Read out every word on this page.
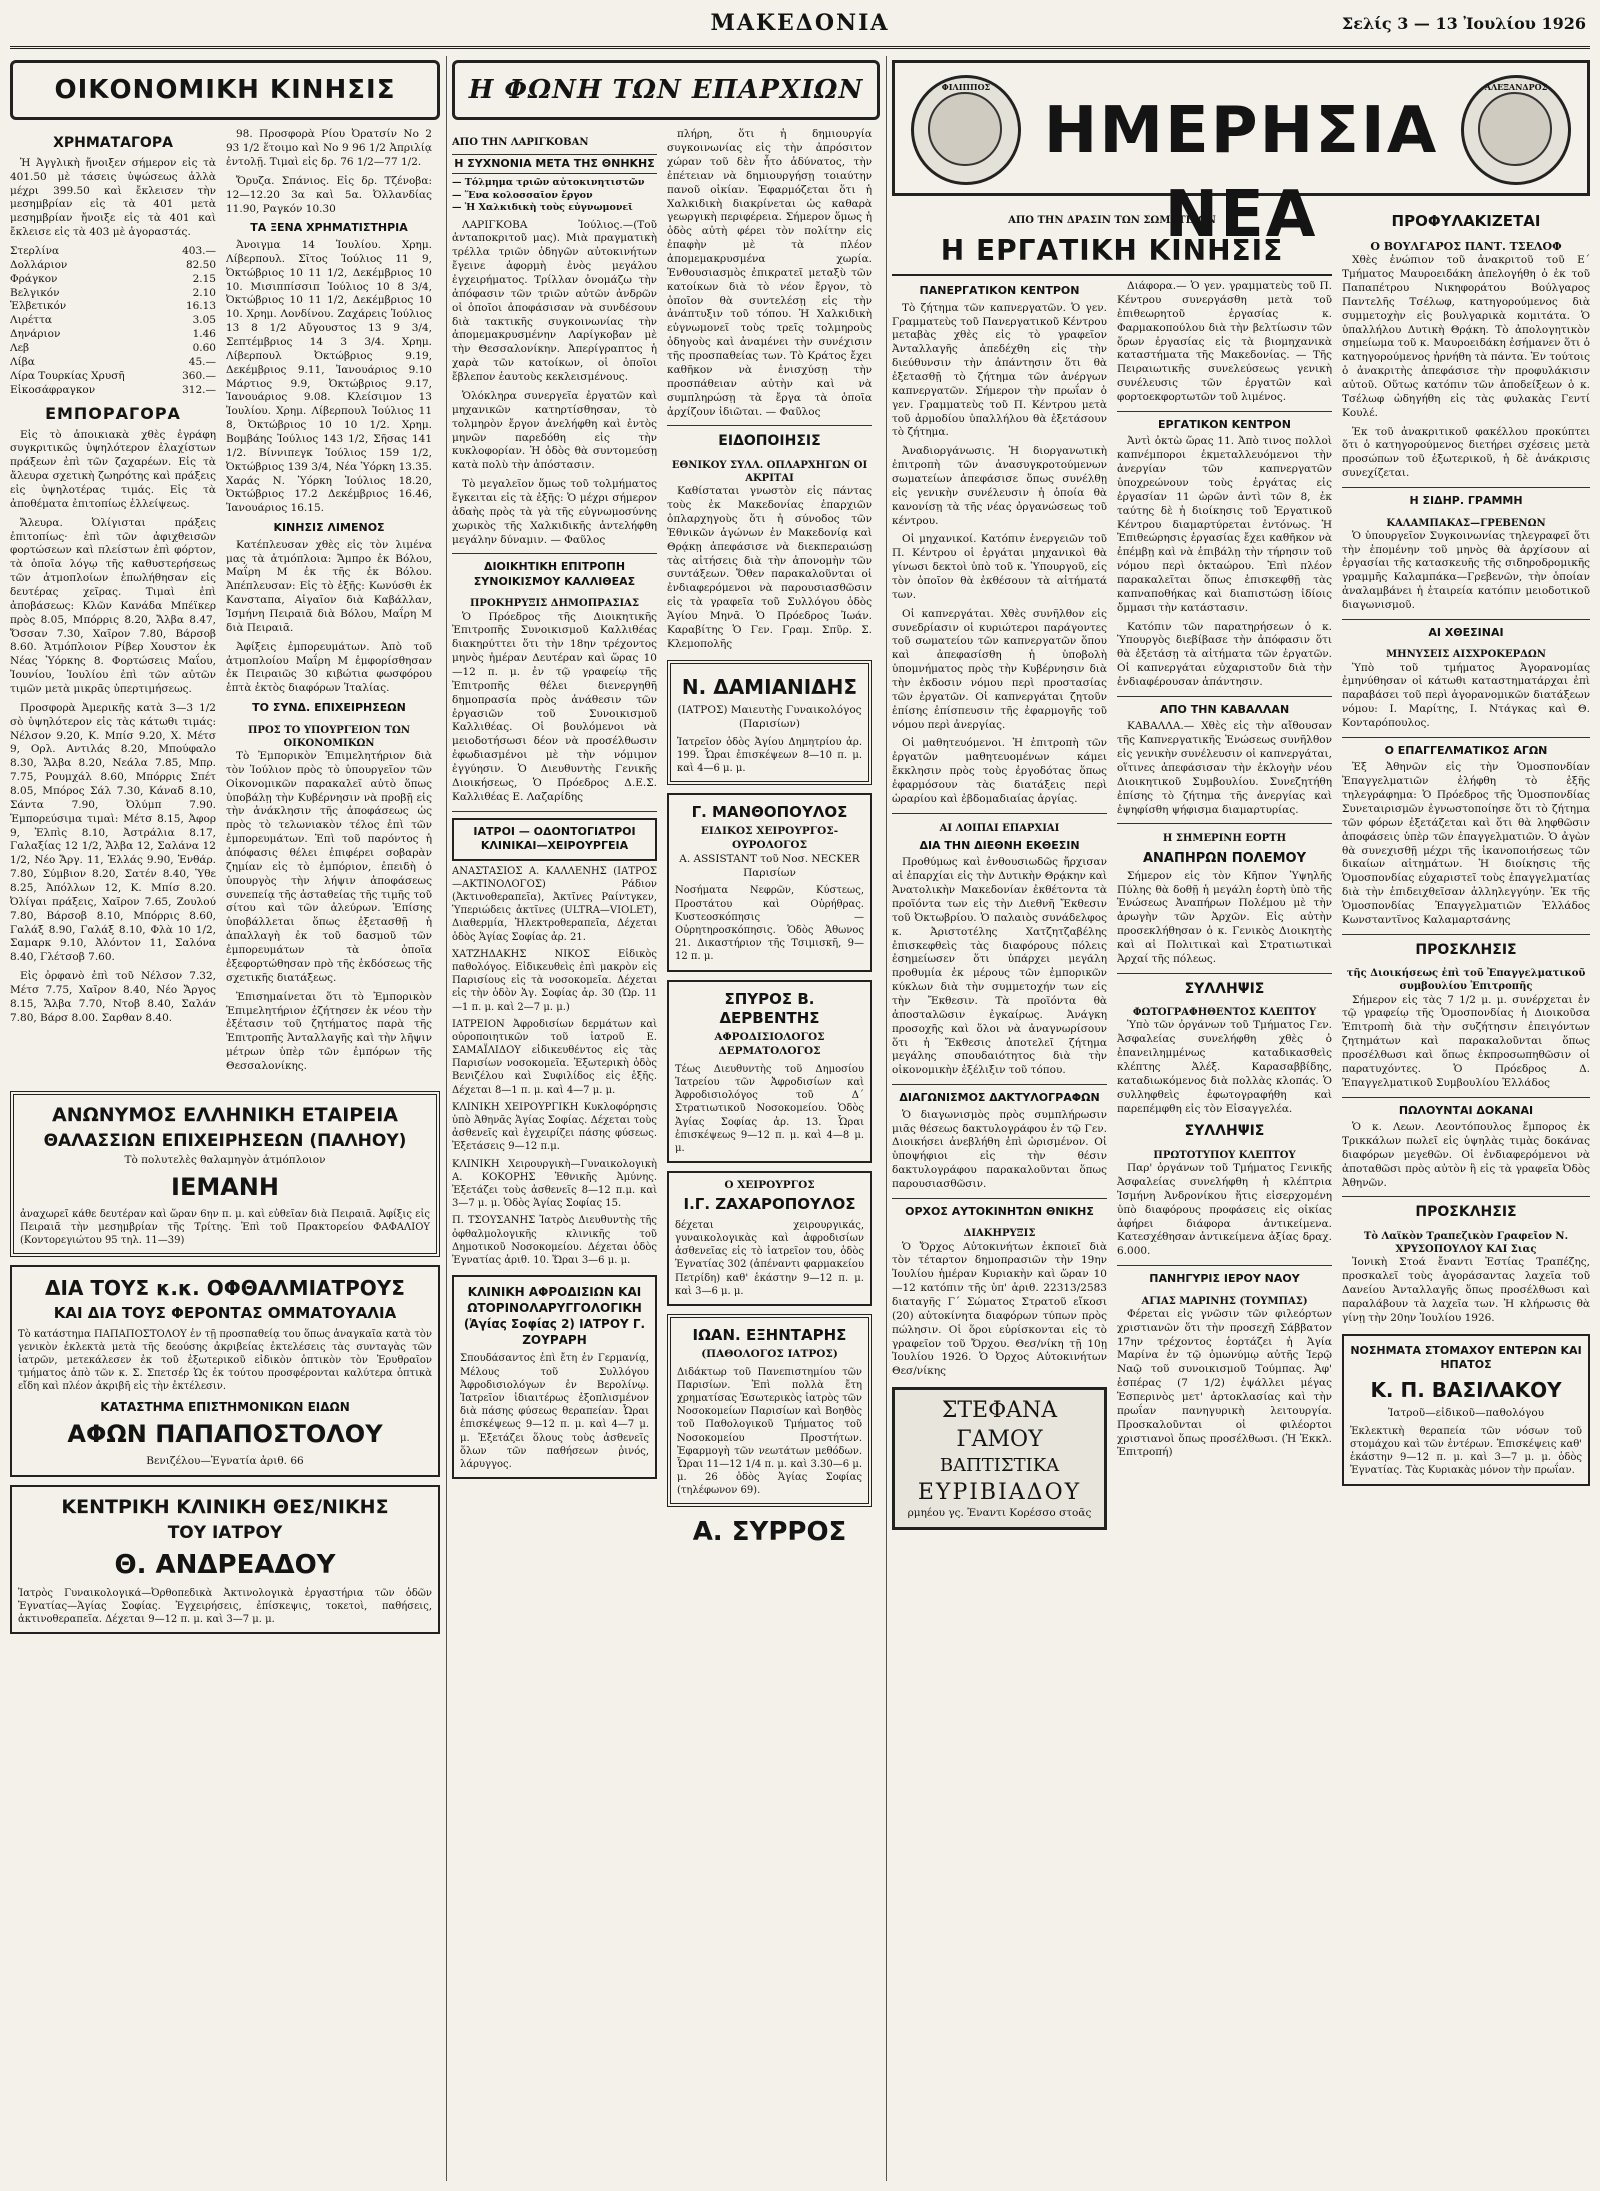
ΜΑΚΕΔΟΝΙΑ	Σελίς 3 — 13 Ἰουλίου 1926
ΟΙΚΟΝΟΜΙΚΗ ΚΙΝΗΣΙΣ
ΧΡΗΜΑΤΑΓΟΡΑ

Ἡ Ἀγγλικὴ ἤνοιξεν σήμερον εἰς τὰ 401.50 μὲ τάσεις ὑψώσεως ἀλλὰ μέχρι 399.50 καὶ ἔκλεισεν τὴν μεσημβρίαν εἰς τὰ 401 μετὰ μεσημβρίαν ἤνοιξε εἰς τὰ 401 καὶ ἔκλεισε εἰς τὰ 403 μὲ ἀγοραστάς.

Στερλίνα	403.—
Δολλάριον	82.50
Φράγκον	2.15
Βελγικόν	2.10
Ἑλβετικόν	16.13
Λιρέττα	3.05
Δηνάριον	1.46
Λεβ	0.60
Λίβα	45.—
Λίρα Τουρκίας Χρυσῆ	360.—
Εἰκοσάφραγκον	312.—
ΕΜΠΟΡΑΓΟΡΑ

Εἰς τὸ ἀποικιακὰ χθὲς ἐγράφη συγκριτικῶς ὑψηλότερον ἐλαχίστων πράξεων ἐπὶ τῶν ζαχαρέων. Εἰς τὰ ἄλευρα σχετικὴ ζωηρότης καὶ πράξεις εἰς ὑψηλοτέρας τιμάς. Εἰς τὰ ἀποθέματα ἐπιτοπίως ἐλλείψεως.

Ἄλευρα. Ὀλίγισται πράξεις ἐπιτοπίως· ἐπὶ τῶν ἀφιχθεισῶν φορτώσεων καὶ πλείστων ἐπὶ φόρτον, τὰ ὁποῖα λόγῳ τῆς καθυστερήσεως τῶν ἀτμοπλοίων ἐπωλήθησαν εἰς δευτέρας χεῖρας. Τιμαὶ ἐπὶ ἀποβάσεως: Κλῶν Κανάδα Μπέϊκερ πρὸς 8.05, Μπόρρις 8.20, Ἄλβα 8.47, Ὄσσαν 7.30, Χαῖρον 7.80, Βάρσοβ 8.60. Ἀτμόπλοιον Ρίβερ Χουστον ἐκ Νέας Ὑόρκης 8. Φορτώσεις Μαΐου, Ἰουνίου, Ἰουλίου ἐπὶ τῶν αὐτῶν τιμῶν μετὰ μικρᾶς ὑπερτιμήσεως.

Προσφορὰ Ἀμερικῆς κατὰ 3—3 1/2 σὸ ὑψηλότερον εἰς τὰς κάτωθι τιμάς: Νέλσον 9.20, Κ. Μπίσ 9.20, Χ. Μέτσ 9, Ορλ. Αντιλάς 8.20, Μπούφαλο 8.30, Ἄλβα 8.20, Νεάλα 7.85, Μπρ. 7.75, Ρουμχάλ 8.60, Μπόρρις Σπέτ 8.05, Μπόρος Σάλ 7.30, Κάναδ 8.10, Σάντα 7.90, Ὀλύμπ 7.90. Ἐμπορεύσιμα τιμαὶ: Μέτσ 8.15, Ἀφορ 9, Ἐλπὶς 8.10, Ἀστράλια 8.17, Γαλαξίας 12 1/2, Ἄλβα 12, Σαλάνα 12 1/2, Νέο Ἄργ. 11, Ἑλλάς 9.90, Ἐνθάρ. 7.80, Σύμβιον 8.20, Σατέν 8.40, Ὑθε 8.25, Ἀπόλλων 12, Κ. Μπίσ 8.20. Ὀλίγαι πράξεις, Χαῖρον 7.65, Ζουλού 7.80, Βάρσοβ 8.10, Μπόρρις 8.60, Γαλάξ 8.90, Γαλάξ 8.10, Φλὰ 10 1/2, Σαμαρκ 9.10, Ἀλόντον 11, Σαλόνα 8.40, Γλέτσοβ 7.60.

Εἰς ὀρφανὸ ἐπὶ τοῦ Νέλσον 7.32, Μέτσ 7.75, Χαῖρον 8.40, Νέο Ἄργος 8.15, Ἄλβα 7.70, Ντοβ 8.40, Σαλάν 7.80, Βάρσ 8.00. Σαρθαν 8.40.

98. Προσφορὰ Ρίου Ὀρατσίν Νο 2 93 1/2 ἕτοιμο καὶ Νο 9 96 1/2 Ἀπριλίᾳ ἐντολῇ. Τιμαὶ εἰς δρ. 76 1/2—77 1/2.

Ὄρυζα. Σπάνιος. Εἰς δρ. Τζένοβα: 12—12.20 3α καὶ 5α. Ὀλλανδίας 11.90, Ραγκόν 10.30

ΤΑ ΞΕΝΑ ΧΡΗΜΑΤΙΣΤΗΡΙΑ

Ἀνοιγμα 14 Ἰουλίου. Χρημ. Λίβερπουλ. Σῖτος Ἰούλιος 11 9, Ὀκτώβριος 10 11 1/2, Δεκέμβριος 10 10. Μισιππίσσιπ Ἰούλιος 10 8 3/4, Ὀκτώβριος 10 11 1/2, Δεκέμβριος 10 10. Χρημ. Λονδίνου. Ζαχάρεις Ἰούλιος 13 8 1/2 Αὔγουστος 13 9 3/4, Σεπτέμβριος 14 3 3/4. Χρημ. Λίβερπουλ Ὀκτώβριος 9.19, Δεκέμβριος 9.11, Ἰανουάριος 9.10 Μάρτιος 9.9, Ὀκτώβριος 9.17, Ἰανουάριος 9.08. Κλείσιμον 13 Ἰουλίου. Χρημ. Λίβερπουλ Ἰούλιος 11 8, Ὀκτώβριος 10 10 1/2. Χρημ. Βομβάης Ἰούλιος 143 1/2, Σῆσας 141 1/2. Βίννιπεγκ Ἰούλιος 159 1/2, Ὀκτώβριος 139 3/4, Νέα Ὑόρκη 13.35. Χαράς Ν. Ὑόρκη Ἰούλιος 18.20, Ὀκτώβριος 17.2 Δεκέμβριος 16.46, Ἰανουάριος 16.15.

ΚΙΝΗΣΙΣ ΛΙΜΕΝΟΣ

Κατέπλευσαν χθὲς εἰς τὸν λιμένα μας τὰ ἀτμόπλοια: Ἄμπρο ἐκ Βόλου, Μαΐρη Μ ἐκ τῆς ἐκ Βόλου. Ἀπέπλευσαν: Εἰς τὸ ἐξῆς: Κωνύσθι ἐκ Κανσταπα, Αἰγαῖον διὰ Καβάλλαν, Ἰσμήνη Πειραιᾶ διὰ Βόλου, Μαΐρη Μ διὰ Πειραιᾶ.

Ἀφίξεις ἐμπορευμάτων. Ἀπὸ τοῦ ἀτμοπλοίου Μαΐρη Μ ἐμφορίσθησαν ἐκ Πειραιῶς 30 κιβώτια φωσφόρου ἑπτὰ ἐκτὸς διαφόρων Ἰταλίας.

ΤΟ ΣΥΝΔ. ΕΠΙΧΕΙΡΗΣΕΩΝ
ΠΡΟΣ ΤΟ ΥΠΟΥΡΓΕΙΟΝ ΤΩΝ ΟΙΚΟΝΟΜΙΚΩΝ

Τὸ Ἐμπορικὸν Ἐπιμελητήριον διὰ τὸν Ἰούλιον πρὸς τὸ ὑπουργεῖον τῶν Οἰκονομικῶν παρακαλεῖ αὐτὸ ὅπως ὑποβάλῃ τὴν Κυβέρνησιν νὰ προβῇ εἰς τὴν ἀνάκλησιν τῆς ἀποφάσεως ὡς πρὸς τὸ τελωνιακὸν τέλος ἐπὶ τῶν ἐμπορευμάτων. Ἐπὶ τοῦ παρόντος ἡ ἀπόφασις θέλει ἐπιφέρει σοβαρὰν ζημίαν εἰς τὸ ἐμπόριον, ἐπειδὴ ὁ ὑπουργὸς τὴν λήψιν ἀποφάσεως συνεπείᾳ τῆς ἀσταθείας τῆς τιμῆς τοῦ σίτου καὶ τῶν ἀλεύρων. Ἐπίσης ὑποβάλλεται ὅπως ἐξετασθῇ ἡ ἀπαλλαγὴ ἐκ τοῦ δασμοῦ τῶν ἐμπορευμάτων τὰ ὁποῖα ἐξεφορτώθησαν πρὸ τῆς ἐκδόσεως τῆς σχετικῆς διατάξεως.

Ἐπισημαίνεται ὅτι τὸ Ἐμπορικὸν Ἐπιμελητήριον ἐζήτησεν ἐκ νέου τὴν ἐξέτασιν τοῦ ζητήματος παρὰ τῆς Ἐπιτροπῆς Ἀνταλλαγῆς καὶ τὴν λῆψιν μέτρων ὑπὲρ τῶν ἐμπόρων τῆς Θεσσαλονίκης.

ΑΝΩΝΥΜΟΣ ΕΛΛΗΝΙΚΗ ΕΤΑΙΡΕΙΑ
ΘΑΛΑΣΣΙΩΝ ΕΠΙΧΕΙΡΗΣΕΩΝ (ΠΑΛΗΟΥ)
Τὸ πολυτελὲς θαλαμηγὸν ἀτμόπλοιον
ΙΕΜΑΝΗ
ἀναχωρεῖ κάθε δευτέραν καὶ ὥραν 6ην π. μ. καὶ εὐθεῖαν διὰ Πειραιᾶ. Ἀφίξις εἰς Πειραιᾶ τὴν μεσημβρίαν τῆς Τρίτης. Ἐπὶ τοῦ Πρακτορείου ΦΑΦΑΛΙΟΥ (Κοντορεγιώτου 95 τηλ. 11—39)
ΔΙΑ ΤΟΥΣ κ.κ. ΟΦΘΑΛΜΙΑΤΡΟΥΣ
ΚΑΙ ΔΙΑ ΤΟΥΣ ΦΕΡΟΝΤΑΣ ΟΜΜΑΤΟΥΑΛΙΑ
Τὸ κατάστημα ΠΑΠΑΠΟΣΤΟΛΟΥ ἐν τῇ προσπαθείᾳ του ὅπως ἀναγκαῖα κατὰ τὸν γενικὸν ἐκλεκτὰ μετὰ τῆς δεούσης ἀκριβείας ἐκτελέσεις τὰς συνταγὰς τῶν ἰατρῶν, μετεκάλεσεν ἐκ τοῦ ἐξωτερικοῦ εἰδικὸν ὀπτικὸν τὸν Ἐρυθραῖον τμήματος ἀπὸ τῶν κ. Σ. Σπετσέρ Ὡς ἐκ τούτου προσφέρονται καλύτερα ὀπτικὰ εἴδη καὶ πλέον ἀκριβῆ εἰς τὴν ἐκτέλεσιν.
ΚΑΤΑΣΤΗΜΑ ΕΠΙΣΤΗΜΟΝΙΚΩΝ ΕΙΔΩΝ
ΑΦΩΝ ΠΑΠΑΠΟΣΤΟΛΟΥ
Βενιζέλου—Ἐγνατία ἀριθ. 66
ΚΕΝΤΡΙΚΗ ΚΛΙΝΙΚΗ ΘΕΣ/ΝΙΚΗΣ
ΤΟΥ ΙΑΤΡΟΥ
Θ. ΑΝΔΡΕΑΔΟΥ
Ἰατρὸς Γυναικολογικά—Ὀρθοπεδικὰ Ἀκτινολογικὰ ἐργαστήρια τῶν ὁδῶν Ἐγνατίας—Ἁγίας Σοφίας. Ἐγχειρήσεις, ἐπίσκεψις, τοκετοὶ, παθήσεις, ἀκτινοθεραπεῖα. Δέχεται 9—12 π. μ. καὶ 3—7 μ. μ.
Η ΦΩΝΗ ΤΩΝ ΕΠΑΡΧΙΩΝ
ΑΠΟ ΤΗΝ ΛΑΡΙΓΚΟΒΑΝ
Η ΣΥΧΝΟΝΙΑ ΜΕΤΑ ΤΗΣ ΘΝΗΚΗΣ
— Τόλμημα τριῶν αὐτοκινητιστῶν
— Ἕνα κολοσσαῖον ἔργον
— Ἡ Χαλκιδικὴ τοὺς εὐγνωμονεῖ

ΛΑΡΙΓΚΟΒΑ Ἰούλιος.—(Τοῦ ἀνταποκριτοῦ μας). Μιὰ πραγματικὴ τρέλλα τριῶν ὁδηγῶν αὐτοκινήτων ἔγεινε ἀφορμὴ ἑνὸς μεγάλου ἐγχειρήματος. Τρίλλαν ὀνομάζω τὴν ἀπόφασιν τῶν τριῶν αὐτῶν ἀνδρῶν οἱ ὁποῖοι ἀποφάσισαν νὰ συνδέσουν διὰ τακτικῆς συγκοινωνίας τὴν ἀπομεμακρυσμένην Λαρίγκοβαν μὲ τὴν Θεσσαλονίκην. Ἀπερίγραπτος ἡ χαρὰ τῶν κατοίκων, οἱ ὁποῖοι ἔβλεπον ἑαυτοὺς κεκλεισμένους.

Ὁλόκληρα συνεργεῖα ἐργατῶν καὶ μηχανικῶν κατηρτίσθησαν, τὸ τολμηρὸν ἔργον ἀνελήφθη καὶ ἐντὸς μηνῶν παρεδόθη εἰς τὴν κυκλοφορίαν. Ἡ ὁδὸς θὰ συντομεύσῃ κατὰ πολὺ τὴν ἀπόστασιν.

Τὸ μεγαλεῖον ὅμως τοῦ τολμήματος ἔγκειται εἰς τὰ ἐξῆς: Ὁ μέχρι σήμερον ἀδαὴς πρὸς τὰ γὰ τῆς εὐγνωμοσύνης χωρικὸς τῆς Χαλκιδικῆς ἀντελήφθη μεγάλην δύναμιν. — Φαῦλος

ΔΙΟΙΚΗΤΙΚΗ ΕΠΙΤΡΟΠΗ ΣΥΝΟΙΚΙΣΜΟΥ ΚΑΛΛΙΘΕΑΣ
ΠΡΟΚΗΡΥΞΙΣ ΔΗΜΟΠΡΑΣΙΑΣ

Ὁ Πρόεδρος τῆς Διοικητικῆς Ἐπιτροπῆς Συνοικισμοῦ Καλλιθέας διακηρύττει ὅτι τὴν 18ην τρέχοντος μηνὸς ἡμέραν Δευτέραν καὶ ὥρας 10—12 π. μ. ἐν τῷ γραφείῳ τῆς Ἐπιτροπῆς θέλει διενεργηθῆ δημοπρασία πρὸς ἀνάθεσιν τῶν ἐργασιῶν τοῦ Συνοικισμοῦ Καλλιθέας. Οἱ βουλόμενοι νὰ μειοδοτήσωσι δέον νὰ προσέλθωσιν ἐφωδιασμένοι μὲ τὴν νόμιμον ἐγγύησιν. Ὁ Διευθυντὴς Γενικῆς Διοικήσεως, Ὁ Πρόεδρος Δ.Ε.Σ. Καλλιθέας Ε. Λαζαρίδης

ΙΑΤΡΟΙ — ΟΔΟΝΤΟΓΙΑΤΡΟΙ ΚΛΙΝΙΚΑΙ—ΧΕΙΡΟΥΡΓΕΙΑ
ΑΝΑΣΤΑΣΙΟΣ Α. ΚΑΛΛΕΝΗΣ (ΙΑΤΡΟΣ—ΑΚΤΙΝΟΛΟΓΟΣ) Ράδιον (Ἀκτινοθεραπεῖα), Ἀκτῖνες Ραίντγκεν, Ὑπεριώδεις ἀκτῖνες (ULTRA—VIOLET), Διαθερμία, Ἠλεκτροθεραπεῖα, Δέχεται ὁδὸς Ἁγίας Σοφίας ἀρ. 21.
ΧΑΤΖΗΔΑΚΗΣ ΝΙΚΟΣ Εἰδικὸς παθολόγος. Εἰδικευθεὶς ἐπὶ μακρὸν εἰς Παρισίους εἰς τὰ νοσοκομεῖα. Δέχεται εἰς τὴν ὁδὸν Ἁγ. Σοφίας ἀρ. 30 (Ὡρ. 11—1 π. μ. καὶ 2—7 μ. μ.)
ΙΑΤΡΕΙΟΝ Ἀφροδισίων δερμάτων καὶ οὐροποιητικῶν τοῦ ἰατροῦ Ε. ΣΑΜΑΪΛΙΔΟΥ εἰδικευθέντος εἰς τὰς Παρισίων νοσοκομεῖα. Ἐξωτερικὴ ὁδὸς Βενιζέλου καὶ Συφιλίδος εἰς ἑξῆς. Δέχεται 8—1 π. μ. καὶ 4—7 μ. μ.
ΚΛΙΝΙΚΗ ΧΕΙΡΟΥΡΓΙΚΗ Κυκλοφόρησις ὑπὸ Ἀθηνᾶς Ἁγίας Σοφίας. Δέχεται τοὺς ἀσθενεῖς καὶ ἐγχειρίζει πάσης φύσεως. Ἐξετάσεις 9—12 π.μ.
ΚΛΙΝΙΚΗ Χειρουργικὴ—Γυναικολογικὴ Α. ΚΟΚΟΡΗΣ Ἐθνικῆς Ἀμύνης. Ἐξετάζει τοὺς ἀσθενεῖς 8—12 π.μ. καὶ 3—7 μ. μ. Ὁδὸς Ἁγίας Σοφίας 15.
Π. ΤΣΟΥΣΑΝΗΣ Ἰατρὸς Διευθυντὴς τῆς ὀφθαλμολογικῆς κλινικῆς τοῦ Δημοτικοῦ Νοσοκομείου. Δέχεται ὁδὸς Ἐγνατίας ἀριθ. 10. Ὥραι 3—6 μ. μ.
ΚΛΙΝΙΚΗ ΑΦΡΟΔΙΣΙΩΝ ΚΑΙ ΩΤΟΡΙΝΟΛΑΡΥΓΓΟΛΟΓΙΚΗ (Ἁγίας Σοφίας 2) ΙΑΤΡΟΥ Γ. ΖΟΥΡΑΡΗ
Σπουδάσαντος ἐπὶ ἔτη ἐν Γερμανίᾳ, Μέλους τοῦ Συλλόγου Ἀφροδισιολόγων ἐν Βερολίνῳ. Ἰατρεῖον ἰδιαιτέρως ἐξοπλισμένον διὰ πάσης φύσεως θεραπείαν. Ὧραι ἐπισκέψεως 9—12 π. μ. καὶ 4—7 μ. μ. Ἐξετάζει ὅλους τοὺς ἀσθενεῖς ὅλων τῶν παθήσεων ῥινός, λάρυγγος.

πλήρη, ὅτι ἡ δημιουργία συγκοινωνίας εἰς τὴν ἀπρόσιτον χώραν τοῦ δὲν ἦτο ἀδύνατος, τὴν ἐπέτειαν νὰ δημιουργήσῃ τοιαύτην πανοῦ οἰκίαν. Ἐφαρμόζεται ὅτι ἡ Χαλκιδικὴ διακρίνεται ὡς καθαρὰ γεωργικὴ περιφέρεια. Σήμερον ὅμως ἡ ὁδὸς αὐτὴ φέρει τὸν πολίτην εἰς ἐπαφὴν μὲ τὰ πλέον ἀπομεμακρυσμένα χωρία. Ἐνθουσιασμὸς ἐπικρατεῖ μεταξὺ τῶν κατοίκων διὰ τὸ νέον ἔργον, τὸ ὁποῖον θὰ συντελέσῃ εἰς τὴν ἀνάπτυξιν τοῦ τόπου. Ἡ Χαλκιδικὴ εὐγνωμονεῖ τοὺς τρεῖς τολμηροὺς ὁδηγοὺς καὶ ἀναμένει τὴν συνέχισιν τῆς προσπαθείας των. Τὸ Κράτος ἔχει καθῆκον νὰ ἐνισχύσῃ τὴν προσπάθειαν αὐτὴν καὶ νὰ συμπληρώσῃ τὰ ἔργα τὰ ὁποῖα ἀρχίζουν ἰδιῶται. — Φαῦλος

ΕΙΔΟΠΟΙΗΣΙΣ
ΕΘΝΙΚΟΥ ΣΥΛΛ. ΟΠΛΑΡΧΗΓΩΝ ΟΙ ΑΚΡΙΤΑΙ

Καθίσταται γνωστὸν εἰς πάντας τοὺς ἐκ Μακεδονίας ἐπαρχιῶν ὁπλαρχηγοὺς ὅτι ἡ σύνοδος τῶν Ἐθνικῶν ἀγώνων ἐν Μακεδονίᾳ καὶ Θρᾴκῃ ἀπεφάσισε νὰ διεκπεραιώσῃ τὰς αἰτήσεις διὰ τὴν ἀπονομὴν τῶν συντάξεων. Ὅθεν παρακαλοῦνται οἱ ἐνδιαφερόμενοι νὰ παρουσιασθῶσιν εἰς τὰ γραφεῖα τοῦ Συλλόγου ὁδὸς Ἁγίου Μηνᾶ. Ὁ Πρόεδρος Ἰωάν. Καραβίτης Ὁ Γεν. Γραμ. Σπῦρ. Σ. Κλεμοπολῆς

Ν. ΔΑΜΙΑΝΙΔΗΣ
(ΙΑΤΡΟΣ) Μαιευτὴς Γυναικολόγος (Παρισίων)
Ἰατρεῖον ὁδὸς Ἁγίου Δημητρίου ἀρ. 199. Ὧραι ἐπισκέψεων 8—10 π. μ. καὶ 4—6 μ. μ.
Γ. ΜΑΝΘΟΠΟΥΛΟΣ
ΕΙΔΙΚΟΣ ΧΕΙΡΟΥΡΓΟΣ-ΟΥΡΟΛΟΓΟΣ
Α. ASSISTANT τοῦ Νοσ. NECKER Παρισίων
Νοσήματα Νεφρῶν, Κύστεως, Προστάτου καὶ Οὐρήθρας. Κυστεοσκόπησις — Οὐρητηροσκόπησις. Ὁδὸς Ἀθωνος 21. Δικαστήριον τῆς Τσιμισκῆ, 9—12 π. μ.
ΣΠΥΡΟΣ Β. ΔΕΡΒΕΝΤΗΣ
ΑΦΡΟΔΙΣΙΟΛΟΓΟΣ ΔΕΡΜΑΤΟΛΟΓΟΣ
Τέως Διευθυντὴς τοῦ Δημοσίου Ἰατρείου τῶν Ἀφροδισίων καὶ Ἀφροδισιολόγος τοῦ Δ΄ Στρατιωτικοῦ Νοσοκομείου. Ὁδὸς Ἁγίας Σοφίας ἀρ. 13. Ὧραι ἐπισκέψεως 9—12 π. μ. καὶ 4—8 μ. μ.
Ο ΧΕΙΡΟΥΡΓΟΣ
Ι.Γ. ΖΑΧΑΡΟΠΟΥΛΟΣ
δέχεται χειρουργικάς, γυναικολογικὰς καὶ ἀφροδισίων ἀσθενεῖας εἰς τὸ ἰατρεῖον του, ὁδὸς Ἐγνατίας 302 (ἀπέναντι φαρμακείου Πετρίδη) καθ' ἑκάστην 9—12 π. μ. καὶ 3—6 μ. μ.
ΙΩΑΝ. ΕΞΗΝΤΑΡΗΣ
(ΠΑΘΟΛΟΓΟΣ ΙΑΤΡΟΣ)
Διδάκτωρ τοῦ Πανεπιστημίου τῶν Παρισίων. Ἐπὶ πολλὰ ἔτη χρηματίσας Ἐσωτερικὸς ἰατρὸς τῶν Νοσοκομείων Παρισίων καὶ Βοηθὸς τοῦ Παθολογικοῦ Τμήματος τοῦ Νοσοκομείου Προστήτων. Ἐφαρμογὴ τῶν νεωτάτων μεθόδων. Ὧραι 11—12 1/4 π. μ. καὶ 3.30—6 μ. μ. 26 ὁδὸς Ἁγίας Σοφίας (τηλέφωνον 69).
Α. ΣΥΡΡΟΣ
ΦΙΛΙΠΠΟΣ
ΗΜΕΡΗΣΙΑ ΝΕΑ
ΑΛΕΞΑΝΔΡΟΣ
ΑΠΟ ΤΗΝ ΔΡΑΣΙΝ ΤΩΝ ΣΩΜΑΤΕΙΩΝ
Η ΕΡΓΑΤΙΚΗ ΚΙΝΗΣΙΣ
ΠΑΝΕΡΓΑΤΙΚΟΝ ΚΕΝΤΡΟΝ

Τὸ ζήτημα τῶν καπνεργατῶν. Ὁ γεν. Γραμματεὺς τοῦ Πανεργατικοῦ Κέντρου μεταβὰς χθὲς εἰς τὸ γραφεῖον Ἀνταλλαγῆς ἀπεδέχθη εἰς τὴν διεύθυνσιν τὴν ἀπάντησιν ὅτι θὰ ἐξετασθῇ τὸ ζήτημα τῶν ἀνέργων καπνεργατῶν. Σήμερον τὴν πρωΐαν ὁ γεν. Γραμματεὺς τοῦ Π. Κέντρου μετὰ τοῦ ἀρμοδίου ὑπαλλήλου θὰ ἐξετάσουν τὸ ζήτημα.

Ἀναδιοργάνωσις. Ἡ διοργανωτικὴ ἐπιτροπὴ τῶν ἀνασυγκροτούμενων σωματείων ἀπεφάσισε ὅπως συνέλθῃ εἰς γενικὴν συνέλευσιν ἡ ὁποία θὰ κανονίσῃ τὰ τῆς νέας ὀργανώσεως τοῦ κέντρου.

Οἱ μηχανικοί. Κατόπιν ἐνεργειῶν τοῦ Π. Κέντρου οἱ ἐργάται μηχανικοὶ θὰ γίνωσι δεκτοὶ ὑπὸ τοῦ κ. Ὑπουργοῦ, εἰς τὸν ὁποῖον θὰ ἐκθέσουν τὰ αἰτήματά των.

Οἱ καπνεργάται. Χθὲς συνῆλθον εἰς συνεδρίασιν οἱ κυριώτεροι παράγοντες τοῦ σωματείου τῶν καπνεργατῶν ὅπου καὶ ἀπεφασίσθη ἡ ὑποβολὴ ὑπομνήματος πρὸς τὴν Κυβέρνησιν διὰ τὴν ἐκδοσιν νόμου περὶ προστασίας τῶν ἐργατῶν. Οἱ καπνεργάται ζητοῦν ἐπίσης ἐπίσπευσιν τῆς ἐφαρμογῆς τοῦ νόμου περὶ ἀνεργίας.

Οἱ μαθητευόμενοι. Ἡ ἐπιτροπὴ τῶν ἐργατῶν μαθητευομένων κάμει ἔκκλησιν πρὸς τοὺς ἐργοδότας ὅπως ἐφαρμόσουν τὰς διατάξεις περὶ ὡραρίου καὶ ἐβδομαδιαίας ἀργίας.

ΑΙ ΛΟΙΠΑΙ ΕΠΑΡΧΙΑΙ
ΔΙΑ ΤΗΝ ΔΙΕΘΝΗ ΕΚΘΕΣΙΝ

Προθύμως καὶ ἐνθουσιωδῶς ἤρχισαν αἱ ἐπαρχίαι εἰς τὴν Δυτικὴν Θρᾴκην καὶ Ἀνατολικὴν Μακεδονίαν ἐκθέτοντα τὰ προϊόντα των εἰς τὴν Διεθνῆ Ἔκθεσιν τοῦ Ὀκτωβρίου. Ὁ παλαιὸς συνάδελφος κ. Ἀριστοτέλης Χατζητζαβέλης ἐπισκεφθεὶς τὰς διαφόρους πόλεις ἐσημείωσεν ὅτι ὑπάρχει μεγάλη προθυμία ἐκ μέρους τῶν ἐμπορικῶν κύκλων διὰ τὴν συμμετοχήν των εἰς τὴν Ἔκθεσιν. Τὰ προϊόντα θὰ ἀποσταλῶσιν ἐγκαίρως. Ἀνάγκη προσοχῆς καὶ ὅλοι νὰ ἀναγνωρίσουν ὅτι ἡ Ἔκθεσις ἀποτελεῖ ζήτημα μεγάλης σπουδαιότητος διὰ τὴν οἰκονομικὴν ἐξέλιξιν τοῦ τόπου.

ΔΙΑΓΩΝΙΣΜΟΣ ΔΑΚΤΥΛΟΓΡΑΦΩΝ

Ὁ διαγωνισμὸς πρὸς συμπλήρωσιν μιᾶς θέσεως δακτυλογράφου ἐν τῷ Γεν. Διοικήσει ἀνεβλήθη ἐπὶ ὡρισμένον. Οἱ ὑποψήφιοι εἰς τὴν θέσιν δακτυλογράφου παρακαλοῦνται ὅπως παρουσιασθῶσιν.

ΟΡΧΟΣ ΑΥΤΟΚΙΝΗΤΩΝ ΘΝΙΚΗΣ
ΔΙΑΚΗΡΥΞΙΣ

Ὁ Ὄρχος Αὐτοκινήτων ἐκποιεῖ διὰ τὸν τέταρτον δημοπρασιῶν τὴν 19ην Ἰουλίου ἡμέραν Κυριακὴν καὶ ὥραν 10—12 κατόπιν τῆς ὑπ' ἀριθ. 22313/2583 διαταγῆς Γ΄ Σώματος Στρατοῦ εἴκοσι (20) αὐτοκίνητα διαφόρων τύπων πρὸς πώλησιν. Οἱ ὅροι εὑρίσκονται εἰς τὸ γραφεῖον τοῦ Ὄρχου. Θεσ/νίκη τῇ 10ῃ Ἰουλίου 1926. Ὁ Ὀρχος Αὐτοκινήτων Θεσ/νίκης

ΣΤΕΦΑΝΑ ΓΑΜΟΥ
ΒΑΠΤΙΣΤΙΚΑ
ΕΥΡΙΒΙΑΔΟΥ
ρμηέου γς. Ἐναντι Κορέσσο στοᾶς

Διάφορα.— Ὁ γεν. γραμματεὺς τοῦ Π. Κέντρου συνεργάσθη μετὰ τοῦ ἐπιθεωρητοῦ ἐργασίας κ. Φαρμακοπούλου διὰ τὴν βελτίωσιν τῶν ὅρων ἐργασίας εἰς τὰ βιομηχανικὰ καταστήματα τῆς Μακεδονίας. — Τῆς Πειραιωτικῆς συνελεύσεως γενικὴ συνέλευσις τῶν ἐργατῶν καὶ φορτοεκφορτωτῶν τοῦ λιμένος.

ΕΡΓΑΤΙΚΟΝ ΚΕΝΤΡΟΝ

Ἀντὶ ὀκτὼ ὥρας 11. Ἀπὸ τινος πολλοὶ καπνέμποροι ἐκμεταλλευόμενοι τὴν ἀνεργίαν τῶν καπνεργατῶν ὑποχρεώνουν τοὺς ἐργάτας εἰς ἐργασίαν 11 ὡρῶν ἀντὶ τῶν 8, ἐκ ταύτης δὲ ἡ διοίκησις τοῦ Ἐργατικοῦ Κέντρου διαμαρτύρεται ἐντόνως. Ἡ Ἐπιθεώρησις ἐργασίας ἔχει καθῆκον νὰ ἐπέμβῃ καὶ νὰ ἐπιβάλῃ τὴν τήρησιν τοῦ νόμου περὶ ὀκταώρου. Ἐπὶ πλέον παρακαλεῖται ὅπως ἐπισκεφθῇ τὰς καπναποθήκας καὶ διαπιστώσῃ ἰδίοις ὄμμασι τὴν κατάστασιν.

Κατόπιν τῶν παρατηρήσεων ὁ κ. Ὑπουργὸς διεβίβασε τὴν ἀπόφασιν ὅτι θὰ ἐξετάσῃ τὰ αἰτήματα τῶν ἐργατῶν. Οἱ καπνεργάται εὐχαριστοῦν διὰ τὴν ἐνδιαφέρουσαν ἀπάντησιν.

ΑΠΟ ΤΗΝ ΚΑΒΑΛΛΑΝ

ΚΑΒΑΛΛΑ.— Χθὲς εἰς τὴν αἴθουσαν τῆς Καπνεργατικῆς Ἑνώσεως συνῆλθον εἰς γενικὴν συνέλευσιν οἱ καπνεργάται, οἵτινες ἀπεφάσισαν τὴν ἐκλογὴν νέου Διοικητικοῦ Συμβουλίου. Συνεζητήθη ἐπίσης τὸ ζήτημα τῆς ἀνεργίας καὶ ἐψηφίσθη ψήφισμα διαμαρτυρίας.

Η ΣΗΜΕΡΙΝΗ ΕΟΡΤΗ
ΑΝΑΠΗΡΩΝ ΠΟΛΕΜΟΥ

Σήμερον εἰς τὸν Κῆπον Ὑψηλῆς Πύλης θὰ δοθῇ ἡ μεγάλη ἑορτὴ ὑπὸ τῆς Ἑνώσεως Ἀναπήρων Πολέμου μὲ τὴν ἀρωγὴν τῶν Ἀρχῶν. Εἰς αὐτὴν προσεκλήθησαν ὁ κ. Γενικὸς Διοικητὴς καὶ αἱ Πολιτικαὶ καὶ Στρατιωτικαὶ Ἀρχαί τῆς πόλεως.

ΣΥΛΛΗΨΙΣ
ΦΩΤΟΓΡΑΦΗΘΕΝΤΟΣ ΚΛΕΠΤΟΥ

Ὑπὸ τῶν ὀργάνων τοῦ Τμήματος Γεν. Ἀσφαλείας συνελήφθη χθὲς ὁ ἐπανειλημμένως καταδικασθεὶς κλέπτης Ἀλέξ. Καρασαββίδης, καταδιωκόμενος διὰ πολλὰς κλοπάς. Ὁ συλληφθεὶς ἐφωτογραφήθη καὶ παρεπέμφθη εἰς τὸν Εἰσαγγελέα.

ΣΥΛΛΗΨΙΣ
ΠΡΩΤΟΤΥΠΟΥ ΚΛΕΠΤΟΥ

Παρ' ὀργάνων τοῦ Τμήματος Γενικῆς Ἀσφαλείας συνελήφθη ἡ κλέπτρια Ἰσμήνη Ἀνδρονίκου ἥτις εἰσερχομένη ὑπὸ διαφόρους προφάσεις εἰς οἰκίας ἀφήρει διάφορα ἀντικείμενα. Κατεσχέθησαν ἀντικείμενα ἀξίας δραχ. 6.000.

ΠΑΝΗΓΥΡΙΣ ΙΕΡΟΥ ΝΑΟΥ
ΑΓΙΑΣ ΜΑΡΙΝΗΣ (ΤΟΥΜΠΑΣ)

Φέρεται εἰς γνῶσιν τῶν φιλεόρτων χριστιανῶν ὅτι τὴν προσεχῆ Σάββατον 17ην τρέχοντος ἑορτάζει ἡ Ἁγία Μαρίνα ἐν τῷ ὁμωνύμῳ αὐτῆς Ἱερῷ Ναῷ τοῦ συνοικισμοῦ Τούμπας. Ἀφ' ἑσπέρας (7 1/2) ἐψάλλει μέγας Ἑσπερινὸς μετ' ἀρτοκλασίας καὶ τὴν πρωΐαν πανηγυρικὴ λειτουργία. Προσκαλοῦνται οἱ φιλέορτοι χριστιανοὶ ὅπως προσέλθωσι. (Ἡ Ἐκκλ. Ἐπιτροπή)

ΠΡΟΦΥΛΑΚΙΖΕΤΑΙ
Ο ΒΟΥΛΓΑΡΟΣ ΠΑΝΤ. ΤΣΕΛΟΦ

Χθὲς ἐνώπιον τοῦ ἀνακριτοῦ τοῦ Ε΄ Τμήματος Μαυροειδάκη ἀπελογήθη ὁ ἐκ τοῦ Παπαπέτρου Νικηφοράτου Βούλγαρος Παντελῆς Τσέλωφ, κατηγορούμενος διὰ συμμετοχὴν εἰς βουλγαρικὰ κομιτάτα. Ὁ ὑπαλλήλου Δυτικὴ Θρᾴκη. Τὸ ἀπολογητικὸν σημείωμα τοῦ κ. Μαυροειδάκη ἐσήμανεν ὅτι ὁ κατηγορούμενος ἠρνήθη τὰ πάντα. Ἐν τούτοις ὁ ἀνακριτὴς ἀπεφάσισε τὴν προφυλάκισιν αὐτοῦ. Οὕτως κατόπιν τῶν ἀποδείξεων ὁ κ. Τσέλωφ ὡδηγήθη εἰς τὰς φυλακὰς Γεντί Κουλέ.

Ἐκ τοῦ ἀνακριτικοῦ φακέλλου προκύπτει ὅτι ὁ κατηγορούμενος διετήρει σχέσεις μετὰ προσώπων τοῦ ἐξωτερικοῦ, ἡ δὲ ἀνάκρισις συνεχίζεται.

Η ΣΙΔΗΡ. ΓΡΑΜΜΗ
ΚΑΛΑΜΠΑΚΑΣ—ΓΡΕΒΕΝΩΝ

Ὁ ὑπουργεῖον Συγκοινωνίας τηλεγραφεῖ ὅτι τὴν ἐπομένην τοῦ μηνὸς θὰ ἀρχίσουν αἱ ἐργασίαι τῆς κατασκευῆς τῆς σιδηροδρομικῆς γραμμῆς Καλαμπάκα—Γρεβενῶν, τὴν ὁποίαν ἀναλαμβάνει ἡ ἐταιρεία κατόπιν μειοδοτικοῦ διαγωνισμοῦ.

ΑΙ ΧΘΕΣΙΝΑΙ
ΜΗΝΥΣΕΙΣ ΑΙΣΧΡΟΚΕΡΔΩΝ

Ὑπὸ τοῦ τμήματος Ἀγορανομίας ἐμηνύθησαν οἱ κάτωθι καταστηματάρχαι ἐπὶ παραβάσει τοῦ περὶ ἀγορανομικῶν διατάξεων νόμου: Ι. Μαρίτης, Ι. Ντάγκας καὶ Θ. Κονταρόπουλος.

Ο ΕΠΑΓΓΕΛΜΑΤΙΚΟΣ ΑΓΩΝ

Ἐξ Ἀθηνῶν εἰς τὴν Ὁμοσπονδίαν Ἐπαγγελματιῶν ἐλήφθη τὸ ἑξῆς τηλεγράφημα: Ὁ Πρόεδρος τῆς Ὁμοσπονδίας Συνεταιρισμῶν ἐγνωστοποίησε ὅτι τὸ ζήτημα τῶν φόρων ἐξετάζεται καὶ ὅτι θὰ ληφθῶσιν ἀποφάσεις ὑπὲρ τῶν ἐπαγγελματιῶν. Ὁ ἀγὼν θὰ συνεχισθῇ μέχρι τῆς ἱκανοποιήσεως τῶν δικαίων αἰτημάτων. Ἡ διοίκησις τῆς Ὁμοσπονδίας εὐχαριστεῖ τοὺς ἐπαγγελματίας διὰ τὴν ἐπιδειχθεῖσαν ἀλληλεγγύην. Ἐκ τῆς Ὁμοσπονδίας Ἐπαγγελματιῶν Ἑλλάδος Κωνσταντῖνος Καλαμαρτσάνης

ΠΡΟΣΚΛΗΣΙΣ
τῆς Διοικήσεως ἐπὶ τοῦ Ἐπαγγελματικοῦ συμβουλίου Ἐπιτροπῆς

Σήμερον εἰς τὰς 7 1/2 μ. μ. συνέρχεται ἐν τῷ γραφείῳ τῆς Ὁμοσπονδίας ἡ Διοικοῦσα Ἐπιτροπὴ διὰ τὴν συζήτησιν ἐπειγόντων ζητημάτων καὶ παρακαλοῦνται ὅπως προσέλθωσι καὶ ὅπως ἐκπροσωπηθῶσιν οἱ παρατυχόντες. Ὁ Πρόεδρος Δ. Ἐπαγγελματικοῦ Συμβουλίου Ἑλλάδος

ΠΩΛΟΥΝΤΑΙ ΔΟΚΑΝΑΙ

Ὁ κ. Λεων. Λεοντόπουλος ἔμπορος ἐκ Τρικκάλων πωλεῖ εἰς ὑψηλὰς τιμὰς δοκάνας διαφόρων μεγεθῶν. Οἱ ἐνδιαφερόμενοι νὰ ἀποταθῶσι πρὸς αὐτὸν ἢ εἰς τὰ γραφεῖα Ὀδὸς Ἀθηνῶν.

ΠΡΟΣΚΛΗΣΙΣ
Τὸ Λαϊκὸν Τραπεζικὸν Γραφεῖον Ν. ΧΡΥΣΟΠΟΥΛΟΥ ΚΑΙ Σιας

Ἰονικὴ Στοά ἔναντι Ἑστίας Τραπέζης, προσκαλεῖ τοὺς ἀγοράσαντας λαχεῖα τοῦ Δανείου Ἀνταλλαγῆς ὅπως προσέλθωσι καὶ παραλάβουν τὰ λαχεῖα των. Ἡ κλήρωσις θὰ γίνῃ τὴν 20ην Ἰουλίου 1926.

ΝΟΣΗΜΑΤΑ ΣΤΟΜΑΧΟΥ ΕΝΤΕΡΩΝ ΚΑΙ ΗΠΑΤΟΣ
Κ. Π. ΒΑΣΙΛΑΚΟΥ
Ἰατροῦ—εἰδικοῦ—παθολόγου
Ἐκλεκτικὴ θεραπεία τῶν νόσων τοῦ στομάχου καὶ τῶν ἐντέρων. Ἐπισκέψεις καθ' ἑκάστην 9—12 π. μ. καὶ 3—7 μ. μ. ὁδὸς Ἐγνατίας. Τὰς Κυριακὰς μόνον τὴν πρωΐαν.
